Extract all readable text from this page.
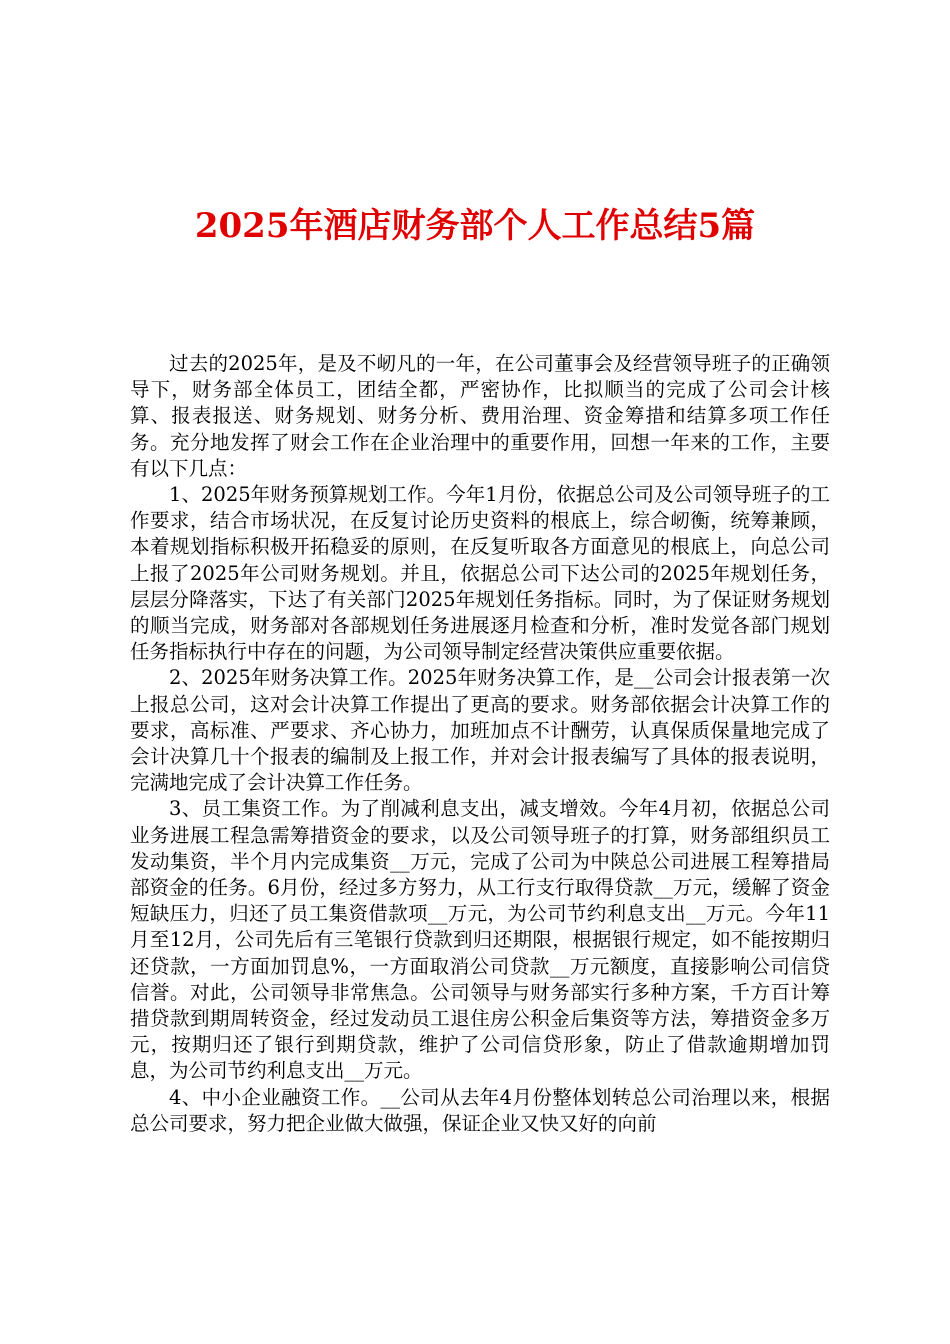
2025年酒店财务部个人工作总结5篇

过去的2025年，是及不屻凡的一年，在公司董事会及经营领导班子的正确领导下，财务部全体员工，团结全都，严密协作，比拟顺当的完成了公司会计核算、报表报送、财务规划、财务分析、费用治理、资金筹措和结算多项工作任务。充分地发挥了财会工作在企业治理中的重要作用，回想一年来的工作，主要有以下几点：

1、2025年财务预算规划工作。今年1月份，依据总公司及公司领导班子的工作要求，结合市场状况，在反复讨论历史资料的根底上，综合屻衡，统筹兼顾，本着规划指标积极开拓稳妥的原则，在反复听取各方面意见的根底上，向总公司上报了2025年公司财务规划。并且，依据总公司下达公司的2025年规划任务，层层分降落实，下达了有关部门2025年规划任务指标。同时，为了保证财务规划的顺当完成，财务部对各部规划任务进展逐月检查和分析，准时发觉各部门规划任务指标执行中存在的问题，为公司领导制定经营决策供应重要依据。

2、2025年财务决算工作。2025年财务决算工作，是__公司会计报表第一次上报总公司，这对会计决算工作提出了更高的要求。财务部依据会计决算工作的要求，高标准、严要求、齐心协力，加班加点不计酬劳，认真保质保量地完成了会计决算几十个报表的编制及上报工作，并对会计报表编写了具体的报表说明，完满地完成了会计决算工作任务。

3、员工集资工作。为了削减利息支出，减支增效。今年4月初，依据总公司业务进展工程急需筹措资金的要求，以及公司领导班子的打算，财务部组织员工发动集资，半个月内完成集资__万元，完成了公司为中陕总公司进展工程筹措局部资金的任务。6月份，经过多方努力，从工行支行取得贷款__万元，缓解了资金短缺压力，归还了员工集资借款项__万元，为公司节约利息支出__万元。今年11月至12月，公司先后有三笔银行贷款到归还期限，根据银行规定，如不能按期归还贷款，一方面加罚息%，一方面取消公司贷款__万元额度，直接影响公司信贷信誉。对此，公司领导非常焦急。公司领导与财务部实行多种方案，千方百计筹措贷款到期周转资金，经过发动员工退住房公积金后集资等方法，筹措资金多万元，按期归还了银行到期贷款，维护了公司信贷形象，防止了借款逾期增加罚息，为公司节约利息支出__万元。

4、中小企业融资工作。__公司从去年4月份整体划转总公司治理以来，根据总公司要求，努力把企业做大做强，保证企业又快又好的向前
